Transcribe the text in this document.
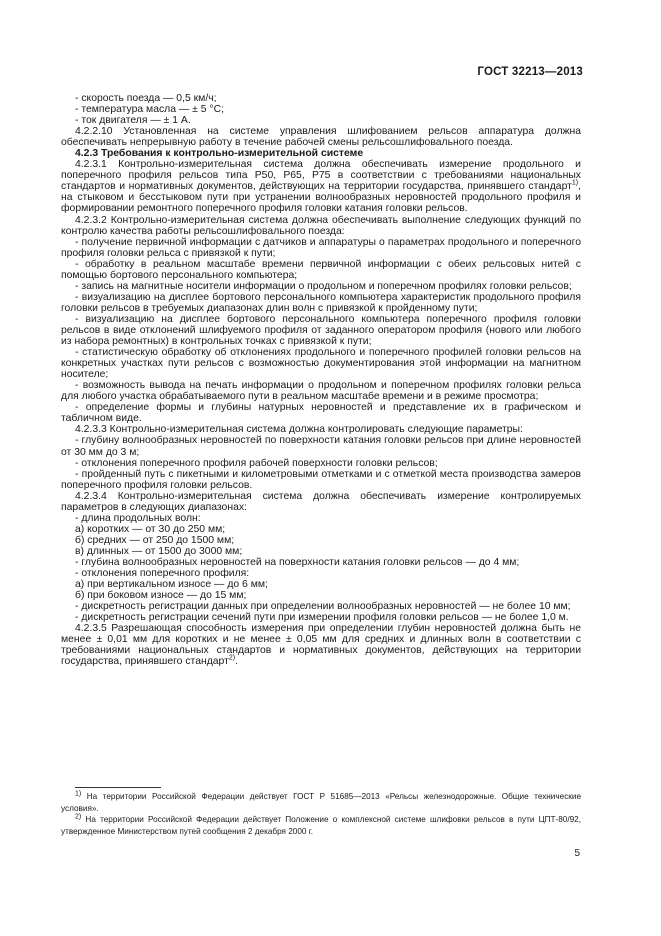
ГОСТ 32213—2013

- скорость поезда — 0,5 км/ч;

- температура масла — ± 5 °С;

- ток двигателя — ± 1 А.

4.2.2.10 Установленная на системе управления шлифованием рельсов аппаратура должна обеспечивать непрерывную работу в течение рабочей смены рельсошлифовального поезда.

4.2.3 Требования к контрольно-измерительной системе

4.2.3.1 Контрольно-измерительная система должна обеспечивать измерение продольного и поперечного профиля рельсов типа Р50, Р65, Р75 в соответствии с требованиями национальных стандартов и нормативных документов, действующих на территории государства, принявшего стандарт$^{1)}$, на стыковом и бесстыковом пути при устранении волнообразных неровностей продольного профиля и формировании ремонтного поперечного профиля головки катания головки рельсов.

4.2.3.2 Контрольно-измерительная система должна обеспечивать выполнение следующих функций по контролю качества работы рельсошлифовального поезда:

- получение первичной информации с датчиков и аппаратуры о параметрах продольного и поперечного профиля головки рельса с привязкой к пути;

- обработку в реальном масштабе времени первичной информации с обеих рельсовых нитей с помощью бортового персонального компьютера;

- запись на магнитные носители информации о продольном и поперечном профилях головки рельсов;

- визуализацию на дисплее бортового персонального компьютера характеристик продольного профиля головки рельсов в требуемых диапазонах длин волн с привязкой к пройденному пути;

- визуализацию на дисплее бортового персонального компьютера поперечного профиля головки рельсов в виде отклонений шлифуемого профиля от заданного оператором профиля (нового или любого из набора ремонтных) в контрольных точках с привязкой к пути;

- статистическую обработку об отклонениях продольного и поперечного профилей головки рельсов на конкретных участках пути рельсов с возможностью документирования этой информации на магнитном носителе;

- возможность вывода на печать информации о продольном и поперечном профилях головки рельса для любого участка обрабатываемого пути в реальном масштабе времени и в режиме просмотра;

- определение формы и глубины натурных неровностей и представление их в графическом и табличном виде.

4.2.3.3 Контрольно-измерительная система должна контролировать следующие параметры:

- глубину волнообразных неровностей по поверхности катания головки рельсов при длине неровностей от 30 мм до 3 м;

- отклонения поперечного профиля рабочей поверхности головки рельсов;

- пройденный путь с пикетными и километровыми отметками и с отметкой места производства замеров поперечного профиля головки рельсов.

4.2.3.4 Контрольно-измерительная система должна обеспечивать измерение контролируемых параметров в следующих диапазонах:

- длина продольных волн:

а) коротких — от 30 до 250 мм;

б) средних — от 250 до 1500 мм;

в) длинных — от 1500 до 3000 мм;

- глубина волнообразных неровностей на поверхности катания головки рельсов — до 4 мм;

- отклонения поперечного профиля:

а) при вертикальном износе — до 6 мм;

б) при боковом износе — до 15 мм;

- дискретность регистрации данных при определении волнообразных неровностей — не более 10 мм;

- дискретность регистрации сечений пути при измерении профиля головки рельсов — не более 1,0 м.

4.2.3.5 Разрешающая способность измерения при определении глубин неровностей должна быть не менее ± 0,01 мм для коротких и не менее ± 0,05 мм для средних и длинных волн в соответствии с требованиями национальных стандартов и нормативных документов, действующих на территории государства, принявшего стандарт$^{2)}$.

$^{1)}$ На территории Российской Федерации действует ГОСТ Р 51685—2013 «Рельсы железнодорожные. Общие технические условия».

$^{2)}$ На территории Российской Федерации действует Положение о комплексной системе шлифовки рельсов в пути ЦПТ-80/92, утвержденное Министерством путей сообщения 2 декабря 2000 г.

5
